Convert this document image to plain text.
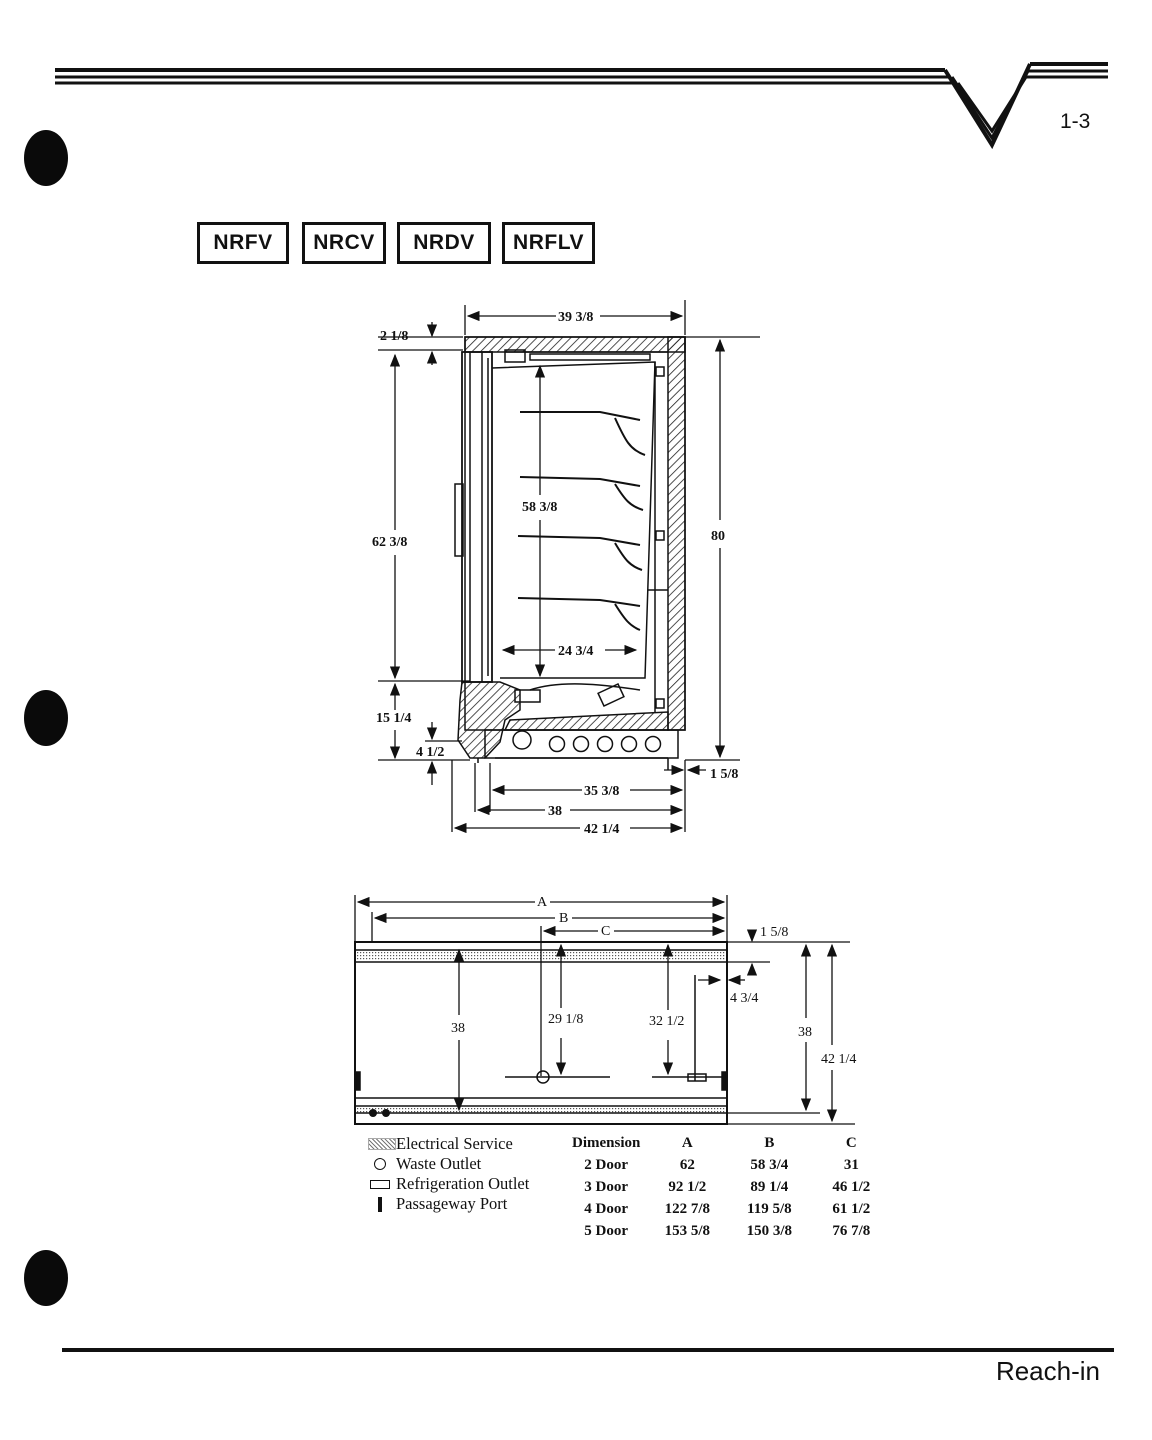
1-3
NRFV	NRCV	NRDV	NRFLV
39 3/8
2 1/8
62 3/8
58 3/8
80
24 3/4
15 1/4
4 1/2
1 5/8
35 3/8
38
42 1/4
A
B
C	1 5/8
4 3/4
38
29 1/8	32 1/2
38
42 1/4
Electrical Service
Waste Outlet
Refrigeration Outlet
Passageway Port
Dimension	A	B	C
2 Door	62	58 3/4	31
3 Door	92 1/2	89 1/4	46 1/2
4 Door	122 7/8	119 5/8	61 1/2
5 Door	153 5/8	150 3/8	76 7/8
Reach-in
